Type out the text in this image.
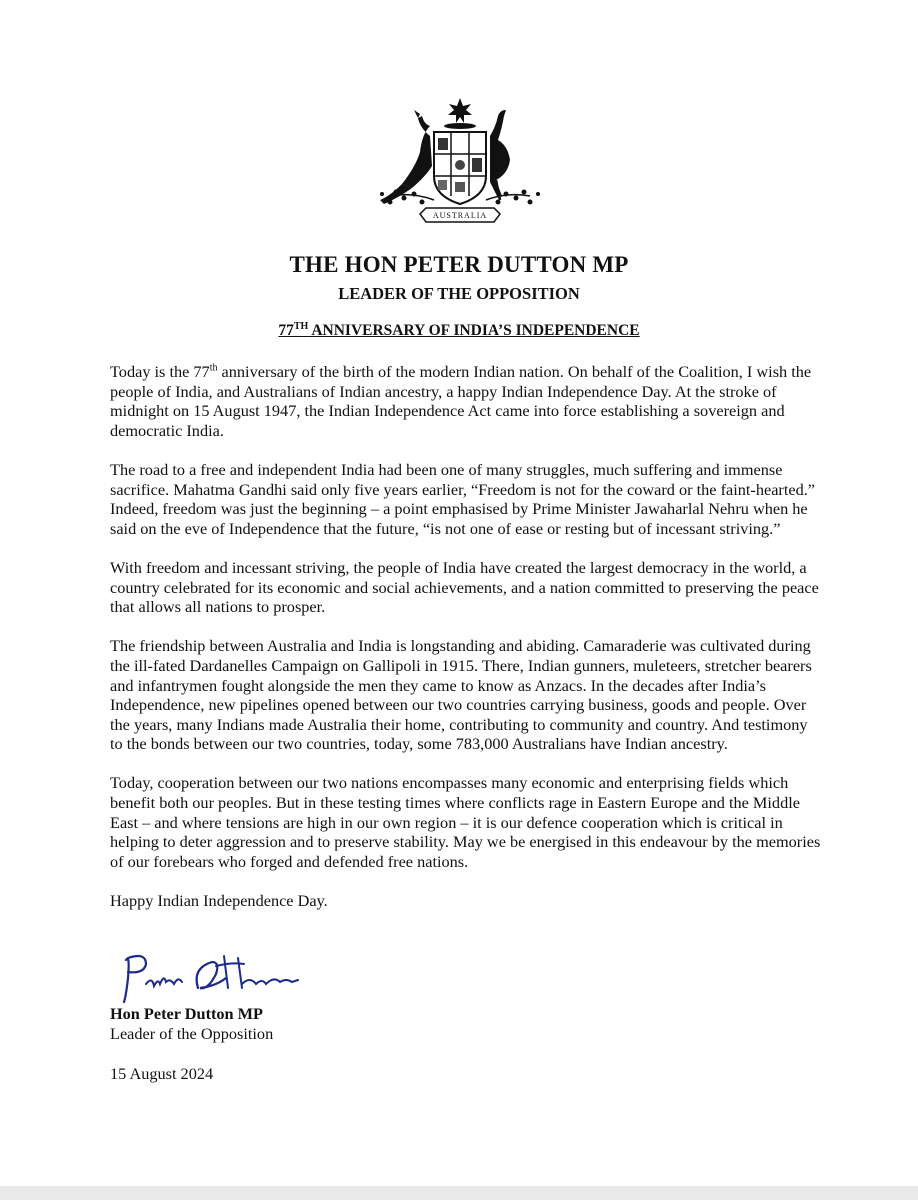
AUSTRALIA
THE HON PETER DUTTON MP
LEADER OF THE OPPOSITION
77TH ANNIVERSARY OF INDIA’S INDEPENDENCE

Today is the 77th anniversary of the birth of the modern Indian nation. On behalf of the Coalition, I wish the people of India, and Australians of Indian ancestry, a happy Indian Independence Day. At the stroke of midnight on 15 August 1947, the Indian Independence Act came into force establishing a sovereign and democratic India.

The road to a free and independent India had been one of many struggles, much suffering and immense sacrifice. Mahatma Gandhi said only five years earlier, “Freedom is not for the coward or the faint-hearted.” Indeed, freedom was just the beginning – a point emphasised by Prime Minister Jawaharlal Nehru when he said on the eve of Independence that the future, “is not one of ease or resting but of incessant striving.”

With freedom and incessant striving, the people of India have created the largest democracy in the world, a country celebrated for its economic and social achievements, and a nation committed to preserving the peace that allows all nations to prosper.

The friendship between Australia and India is longstanding and abiding. Camaraderie was cultivated during the ill-fated Dardanelles Campaign on Gallipoli in 1915. There, Indian gunners, muleteers, stretcher bearers and infantrymen fought alongside the men they came to know as Anzacs. In the decades after India’s Independence, new pipelines opened between our two countries carrying business, goods and people. Over the years, many Indians made Australia their home, contributing to community and country. And testimony to the bonds between our two countries, today, some 783,000 Australians have Indian ancestry.

Today, cooperation between our two nations encompasses many economic and enterprising fields which benefit both our peoples. But in these testing times where conflicts rage in Eastern Europe and the Middle East – and where tensions are high in our own region – it is our defence cooperation which is critical in helping to deter aggression and to preserve stability. May we be energised in this endeavour by the memories of our forebears who forged and defended free nations.

Happy Indian Independence Day.

Hon Peter Dutton MP
Leader of the Opposition
15 August 2024
